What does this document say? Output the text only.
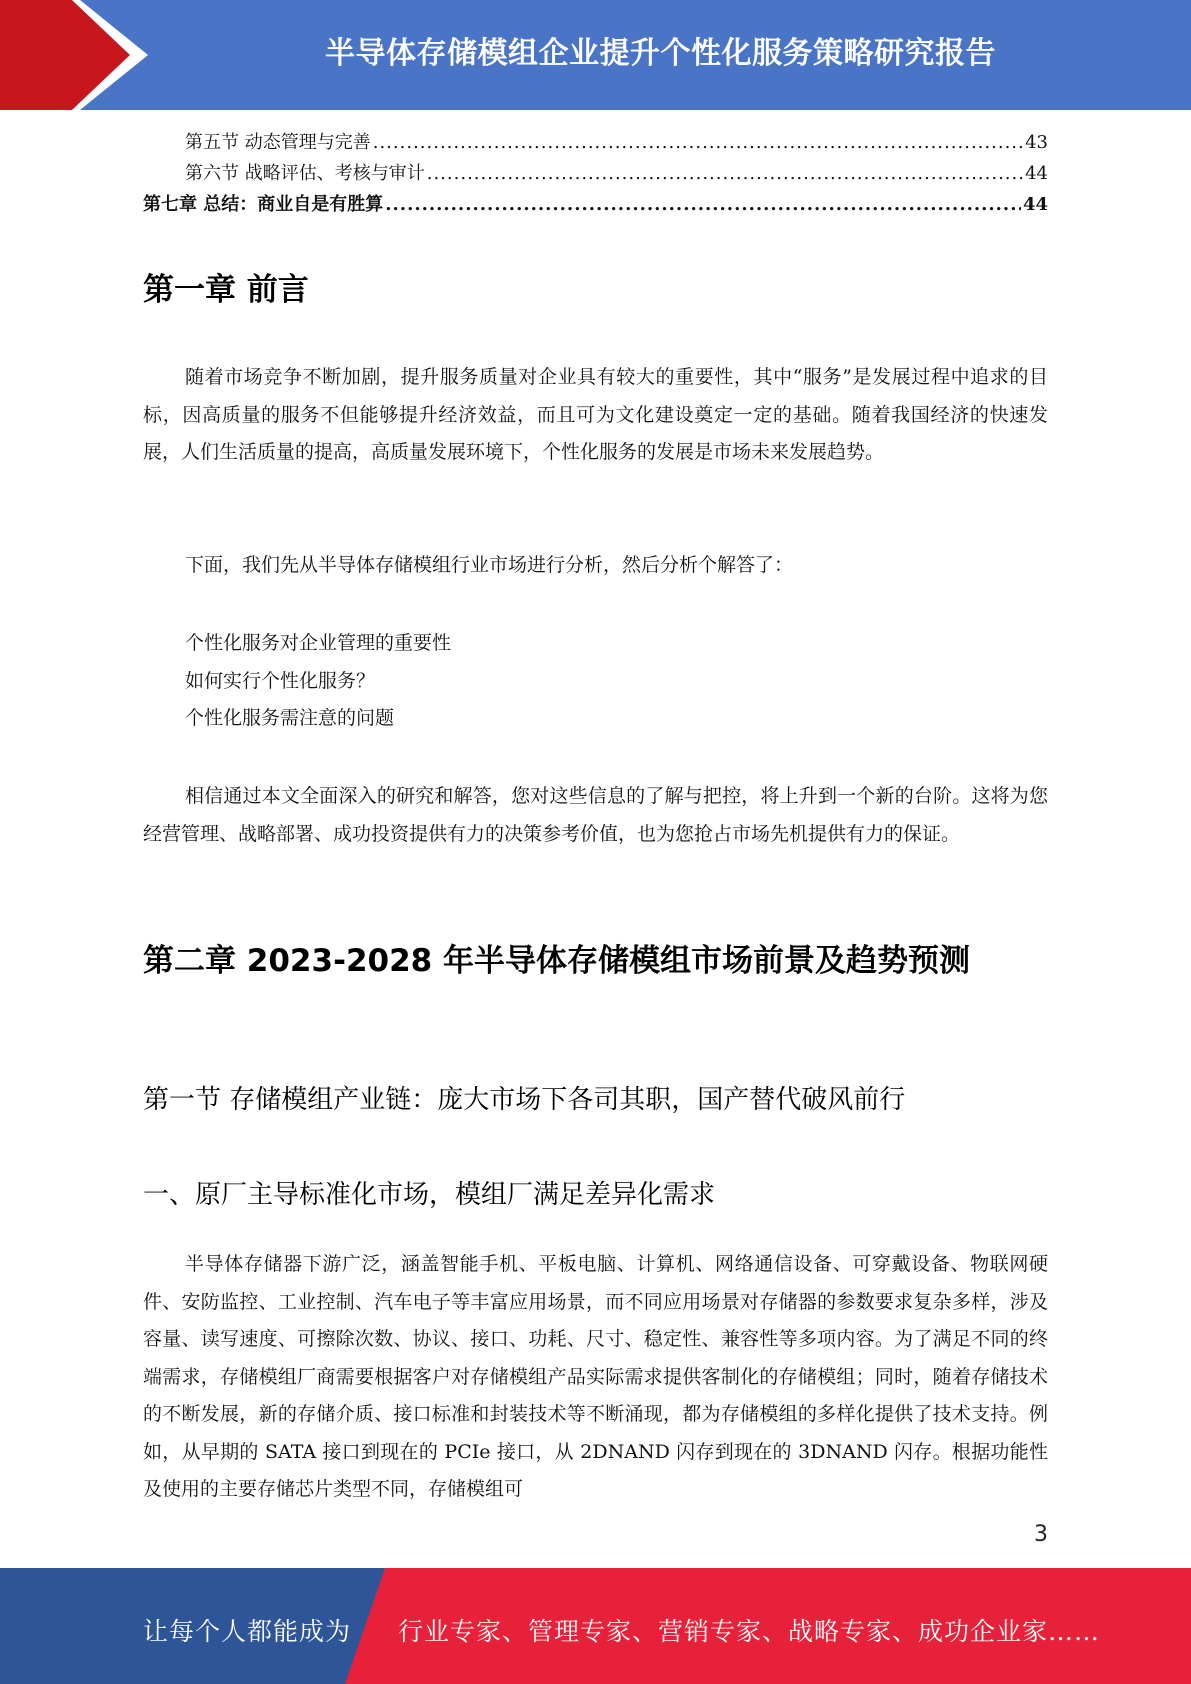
半导体存储模组企业提升个性化服务策略研究报告
第五节 动态管理与完善 .....	43
第六节 战略评估、考核与审计 .....	44
第七章 总结：商业自是有胜算 .....	44
第一章 前言

随着市场竞争不断加剧，提升服务质量对企业具有较大的重要性，其中“服务”是发展过程中追求的目标，因高质量的服务不但能够提升经济效益，而且可为文化建设奠定一定的基础。随着我国经济的快速发展，人们生活质量的提高，高质量发展环境下，个性化服务的发展是市场未来发展趋势。

下面，我们先从半导体存储模组行业市场进行分析，然后分析个解答了：

个性化服务对企业管理的重要性
如何实行个性化服务？
个性化服务需注意的问题

相信通过本文全面深入的研究和解答，您对这些信息的了解与把控，将上升到一个新的台阶。这将为您经营管理、战略部署、成功投资提供有力的决策参考价值，也为您抢占市场先机提供有力的保证。

第二章 2023-2028 年半导体存储模组市场前景及趋势预测
第一节 存储模组产业链：庞大市场下各司其职，国产替代破风前行
一、原厂主导标准化市场，模组厂满足差异化需求

半导体存储器下游广泛，涵盖智能手机、平板电脑、计算机、网络通信设备、可穿戴设备、物联网硬件、安防监控、工业控制、汽车电子等丰富应用场景，而不同应用场景对存储器的参数要求复杂多样，涉及容量、读写速度、可擦除次数、协议、接口、功耗、尺寸、稳定性、兼容性等多项内容。为了满足不同的终端需求，存储模组厂商需要根据客户对存储模组产品实际需求提供客制化的存储模组；同时，随着存储技术的不断发展，新的存储介质、接口标准和封装技术等不断涌现，都为存储模组的多样化提供了技术支持。例如，从早期的 SATA 接口到现在的 PCIe 接口，从 2DNAND 闪存到现在的 3DNAND 闪存。根据功能性及使用的主要存储芯片类型不同，存储模组可

3
让每个人都能成为 行业专家、管理专家、营销专家、战略专家、成功企业家……
